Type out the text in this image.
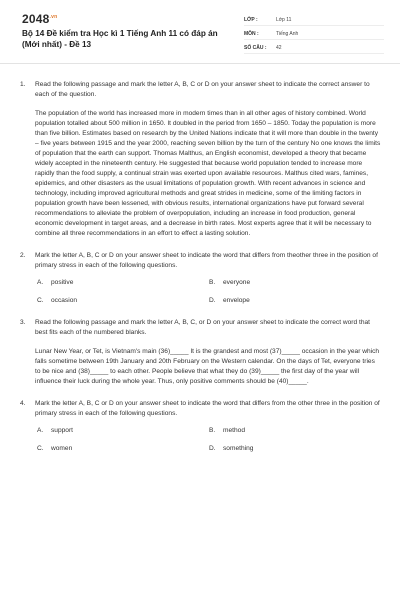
$2048^{.vn}$
Bộ 14 Đề kiểm tra Học kì 1 Tiếng Anh 11 có đáp án (Mới nhất) - Đề 13
LỚP :	Lớp 11
MÔN :	Tiếng Anh
SỐ CÂU :	42
1.	Read the following passage and mark the letter A, B, C or D on your answer sheet to indicate the correct answer to each of the question.
The population of the world has increased more in modern times than in all other ages of history combined. World population totalled about 500 million in 1650. It doubled in the period from 1650 – 1850. Today the population is more than five billion. Estimates based on research by the United Nations indicate that it will more than double in the twenty – five years between 1915 and the year 2000, reaching seven billion by the turn of the century No one knows the limits of population that the earth can support. Thomas Malthus, an English economist, developed a theory that became widely accepted in the nineteenth century. He suggested that because world population tended to increase more rapidly than the food supply, a continual strain was exerted upon available resources. Malthus cited wars, famines, epidemics, and other disasters as the usual limitations of population growth. With recent advances in science and technology, including improved agricultural methods and great strides in medicine, some of the limiting factors in population growth have been lessened, with obvious results, international organizations have put forward several recommendations to alleviate the problem of overpopulation, including an increase in food production, general economic development in target areas, and a decrease in birth rates. Most experts agree that it will be necessary to combine all three recommendations in an effort to effect a lasting solution.
2.	Mark the letter A, B, C or D on your answer sheet to indicate the word that differs from theother three in the position of primary stress in each of the following questions.
A.	positive	B.	everyone
C.	occasion	D.	envelope
3.	Read the following passage and mark the letter A, B, C, or D on your answer sheet to indicate the correct word that best fits each of the numbered blanks.
Lunar New Year, or Tet, is Vietnam's main (36)_____ It is the grandest and most (37)_____ occasion in the year which falls sometime between 19th January and 20th February on the Western calendar. On the days of Tet, everyone tries to be nice and (38)_____ to each other. People believe that what they do (39)_____ the first day of the year will influence their luck during the whole year. Thus, only positive comments should be (40)_____.
4.	Mark the letter A, B, C or D on your answer sheet to indicate the word that differs from the other three in the position of primary stress in each of the following questions.
A.	support	B.	method
C.	women	D.	something
